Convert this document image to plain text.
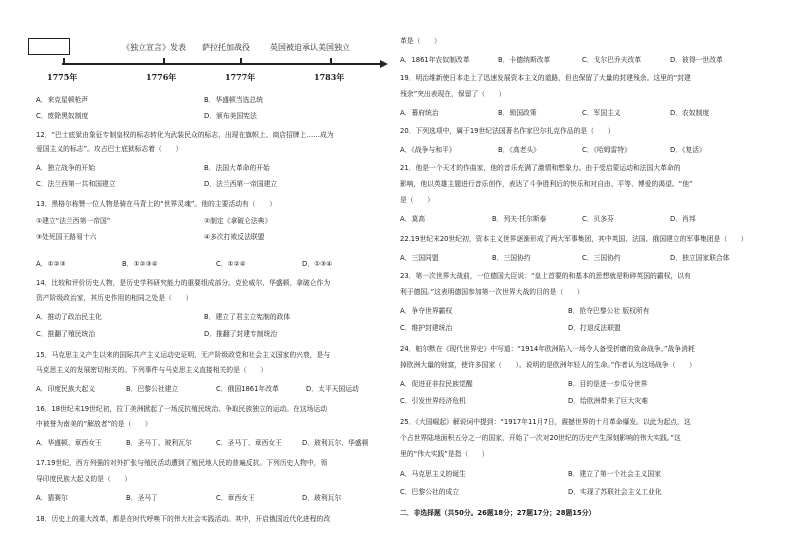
《独立宣言》发表 萨拉托加战役	英国被迫承认美国独立
1775年	1776年	1777年	1783年
A．来克星顿枪声	B．华盛顿当选总统
C．废除黑奴制度	D．颁布美国宪法
12．“巴士底狱由象征专制皇权的标志转化为武装民众的标志，出现在旗帜上、商店招牌上……成为
爱国主义的标志”。攻占巴士底狱标志着（　　）
A．独立战争的开始	B．法国大革命的开始
C．法兰西第一共和国建立	D．法兰西第一帝国建立
13．黑格尔称赞一位人物是骑在马背上的“世界灵魂”。他的主要活动有（　　）
①建立“法兰西第一帝国”	②制定《拿破仑法典》
③处死国王路易十六	④多次打败反法联盟
A．①②③	B．①②③④	C．①②④	D．①③④
14．比较和评价历史人物，是历史学科研究能力的重要组成部分。克伦威尔、华盛顿、拿破仑作为
资产阶级政治家，其历史作用的相同之处是（　　）
A．推动了政治民主化	B．建立了君主立宪制的政体
C．推翻了殖民统治	D．推翻了封建专制统治
15．马克思主义产生以来的国际共产主义运动史证明，无产阶级政党和社会主义国家的兴衰，是与
马克思主义的发展密切相关的。下列事件与马克思主义直接相关的是（　　）
A．印度民族大起义	B．巴黎公社建立	C．俄国1861年改革	D．太平天国运动
16．18世纪末19世纪初，拉丁美洲掀起了一场反抗殖民统治、争取民族独立的运动。在这场运动
中被誉为南美的“解放者”的是（　　）
A．华盛顿、章西女王	B．圣马丁、玻利瓦尔	C．圣马丁、章西女王	D．玻利瓦尔、华盛顿
17.19世纪，西方列强的对外扩张与殖民活动遭到了殖民地人民的普遍反抗。下列历史人物中，领
导印度民族大起义的是（　　）
A．猜赛尔	B．圣马丁	C．章西女王	D．玻利瓦尔
18．历史上的重大改革，都是在时代呼唤下的伟大社会实践活动。其中，开启俄国近代化进程的改
革是（　　）
A．1861年农奴制改革	B．卡德纳斯改革	C．戈尔巴乔夫改革	D．彼得一世改革
19．明治维新使日本走上了迅速发展资本主义的道路，但也保留了大量的封建残余。这里的“封建
残余”突出表现在，保留了（　　）
A．幕府统治	B．锁国政策	C．军国主义	D．农奴制度
20．下列选项中，属于19世纪法国著名作家巴尔扎克作品的是（　　）
A．《战争与和平》	B．《高老头》	C．《哈姆雷特》	D．《复活》
21．他是一个天才的作曲家，他的音乐充满了激情和想象力。由于受启蒙运动和法国大革命的
影响，他以英雄主题进行音乐创作，表达了斗争胜利后的快乐和对自由、平等、博爱的渴望。“他”
是（　　）
A．莫高	B．列夫·托尔斯泰	C．贝多芬	D．肖邦
22.19世纪末20世纪初，资本主义世界逐渐形成了两大军事集团，其中英国、法国、俄国建立的军事集团是（　　）
A．三国同盟	B．三国协约	C．三国协约	D．独立国家联合体
23．第一次世界大战前，一位德国大臣说：“皇上首要的和基本的思想就是粉碎英国的霸权，以有
利于德国。”这表明德国参加第一次世界大战的目的是（　　）
A．争夺世界霸权	B．抢夺巴黎公社 版权所有
C．维护封建统治	D．打退反法联盟
24．帕尔默在《现代世界史》中写道：“1914年欧洲陷入一场令人备受折磨的致命战争。”战争消耗
掉欧洲大量的财富，使许多国家（　　）。说明的是欧洲年轻人的生命。”作者认为这场战争（　　）
A．促进亚非拉民族觉醒	B．目的是进一步瓜分世界
C．引发世界经济危机	D．给欧洲带来了巨大灾难
25．《大国崛起》解说词中提到：“1917年11月7日，震撼世界的十月革命爆发。以此为起点，这
个占世界陆地面积五分之一的国家，开始了一次对20世纪的历史产生深刻影响的伟大实践。”这
里的“伟大实践”是指（　　）
A．马克思主义的诞生	B．建立了第一个社会主义国家
C．巴黎公社的成立	D．实现了苏联社会主义工业化
二．非选择题（共50分。26题18分；27题17分；28题15分）
